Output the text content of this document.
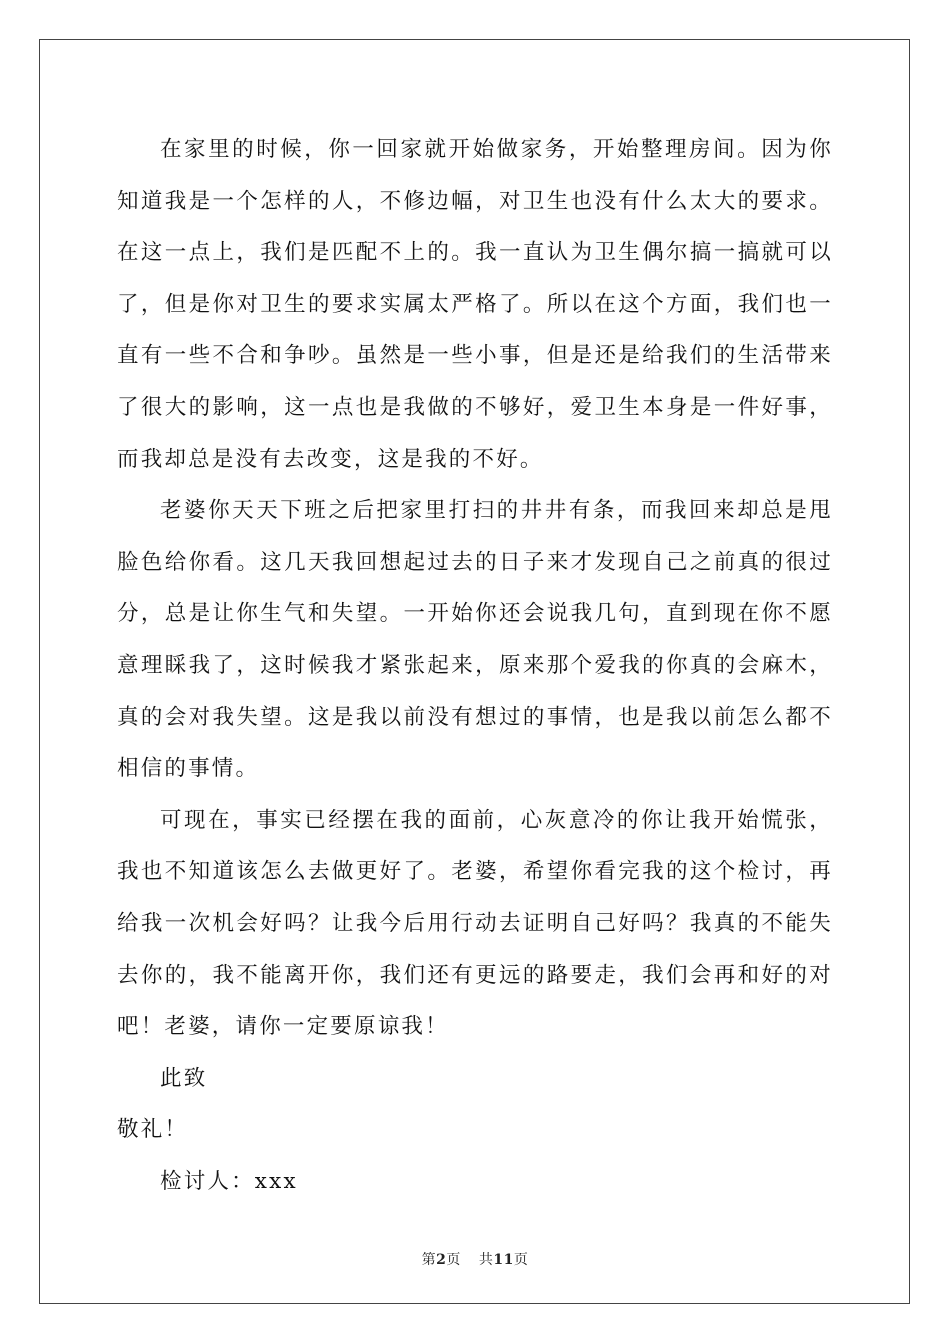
在家里的时候，你一回家就开始做家务，开始整理房间。因为你知道我是一个怎样的人，不修边幅，对卫生也没有什么太大的要求。在这一点上，我们是匹配不上的。我一直认为卫生偶尔搞一搞就可以了，但是你对卫生的要求实属太严格了。所以在这个方面，我们也一直有一些不合和争吵。虽然是一些小事，但是还是给我们的生活带来了很大的影响，这一点也是我做的不够好，爱卫生本身是一件好事，而我却总是没有去改变，这是我的不好。

老婆你天天下班之后把家里打扫的井井有条，而我回来却总是甩脸色给你看。这几天我回想起过去的日子来才发现自己之前真的很过分，总是让你生气和失望。一开始你还会说我几句，直到现在你不愿意理睬我了，这时候我才紧张起来，原来那个爱我的你真的会麻木，真的会对我失望。这是我以前没有想过的事情，也是我以前怎么都不相信的事情。

可现在，事实已经摆在我的面前，心灰意冷的你让我开始慌张，我也不知道该怎么去做更好了。老婆，希望你看完我的这个检讨，再给我一次机会好吗？让我今后用行动去证明自己好吗？我真的不能失去你的，我不能离开你，我们还有更远的路要走，我们会再和好的对吧！老婆，请你一定要原谅我！

此致

敬礼！

检讨人：xxx

第2页 共11页
